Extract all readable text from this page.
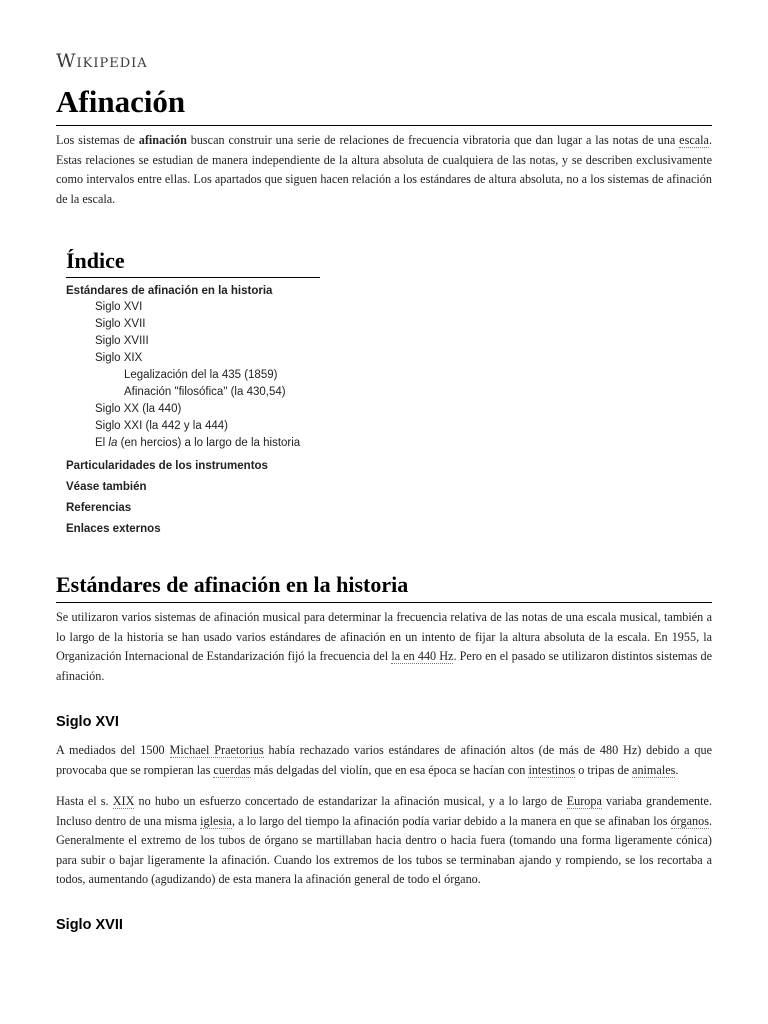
Wikipedia
Afinación

Los sistemas de afinación buscan construir una serie de relaciones de frecuencia vibratoria que dan lugar a las notas de una escala. Estas relaciones se estudian de manera independiente de la altura absoluta de cualquiera de las notas, y se describen exclusivamente como intervalos entre ellas. Los apartados que siguen hacen relación a los estándares de altura absoluta, no a los sistemas de afinación de la escala.

Índice
Estándares de afinación en la historia
Siglo XVI
Siglo XVII
Siglo XVIII
Siglo XIX
Legalización del la 435 (1859)
Afinación "filosófica" (la 430,54)
Siglo XX (la 440)
Siglo XXI (la 442 y la 444)
El la (en hercios) a lo largo de la historia
Particularidades de los instrumentos
Véase también
Referencias
Enlaces externos
Estándares de afinación en la historia

Se utilizaron varios sistemas de afinación musical para determinar la frecuencia relativa de las notas de una escala musical, también a lo largo de la historia se han usado varios estándares de afinación en un intento de fijar la altura absoluta de la escala. En 1955, la Organización Internacional de Estandarización fijó la frecuencia del la en 440 Hz. Pero en el pasado se utilizaron distintos sistemas de afinación.

Siglo XVI

A mediados del 1500 Michael Praetorius había rechazado varios estándares de afinación altos (de más de 480 Hz) debido a que provocaba que se rompieran las cuerdas más delgadas del violín, que en esa época se hacían con intestinos o tripas de animales.

Hasta el s. XIX no hubo un esfuerzo concertado de estandarizar la afinación musical, y a lo largo de Europa variaba grandemente. Incluso dentro de una misma iglesia, a lo largo del tiempo la afinación podía variar debido a la manera en que se afinaban los órganos. Generalmente el extremo de los tubos de órgano se martillaban hacia dentro o hacia fuera (tomando una forma ligeramente cónica) para subir o bajar ligeramente la afinación. Cuando los extremos de los tubos se terminaban ajando y rompiendo, se los recortaba a todos, aumentando (agudizando) de esta manera la afinación general de todo el órgano.

Siglo XVII
